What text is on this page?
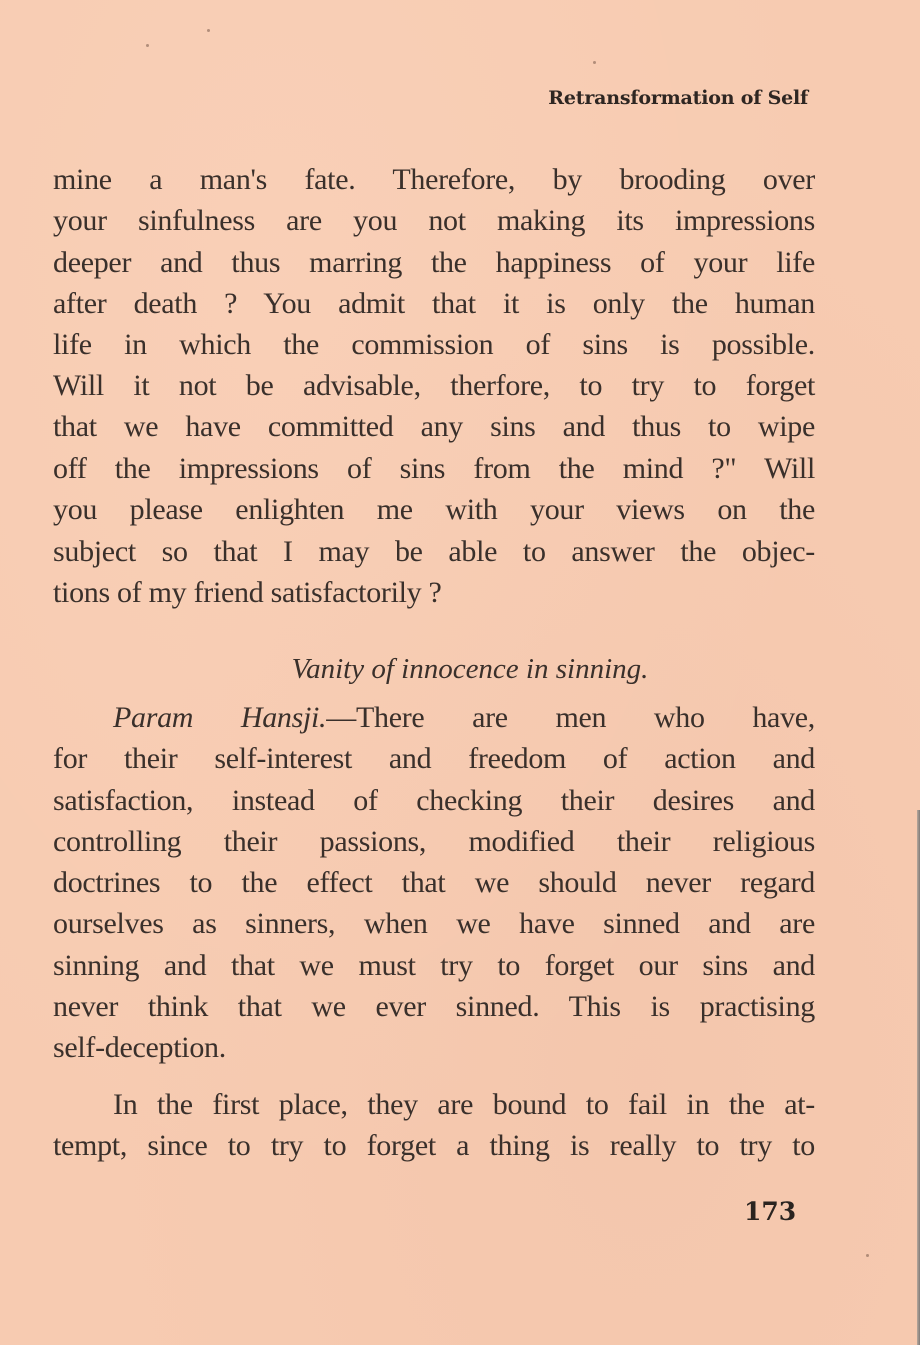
Retransformation of Self
mine a man's fate. Therefore, by brooding over
your sinfulness are you not making its impressions
deeper and thus marring the happiness of your life
after death ? You admit that it is only the human
life in which the commission of sins is possible.
Will it not be advisable, therfore, to try to forget
that we have committed any sins and thus to wipe
off the impressions of sins from the mind ?" Will
you please enlighten me with your views on the
subject so that I may be able to answer the objec-
tions of my friend satisfactorily ?
Vanity of innocence in sinning.
Param Hansji.—There are men who have,
for their self-interest and freedom of action and
satisfaction, instead of checking their desires and
controlling their passions, modified their religious
doctrines to the effect that we should never regard
ourselves as sinners, when we have sinned and are
sinning and that we must try to forget our sins and
never think that we ever sinned. This is practising
self-deception.
In the first place, they are bound to fail in the at-
tempt, since to try to forget a thing is really to try to
173
